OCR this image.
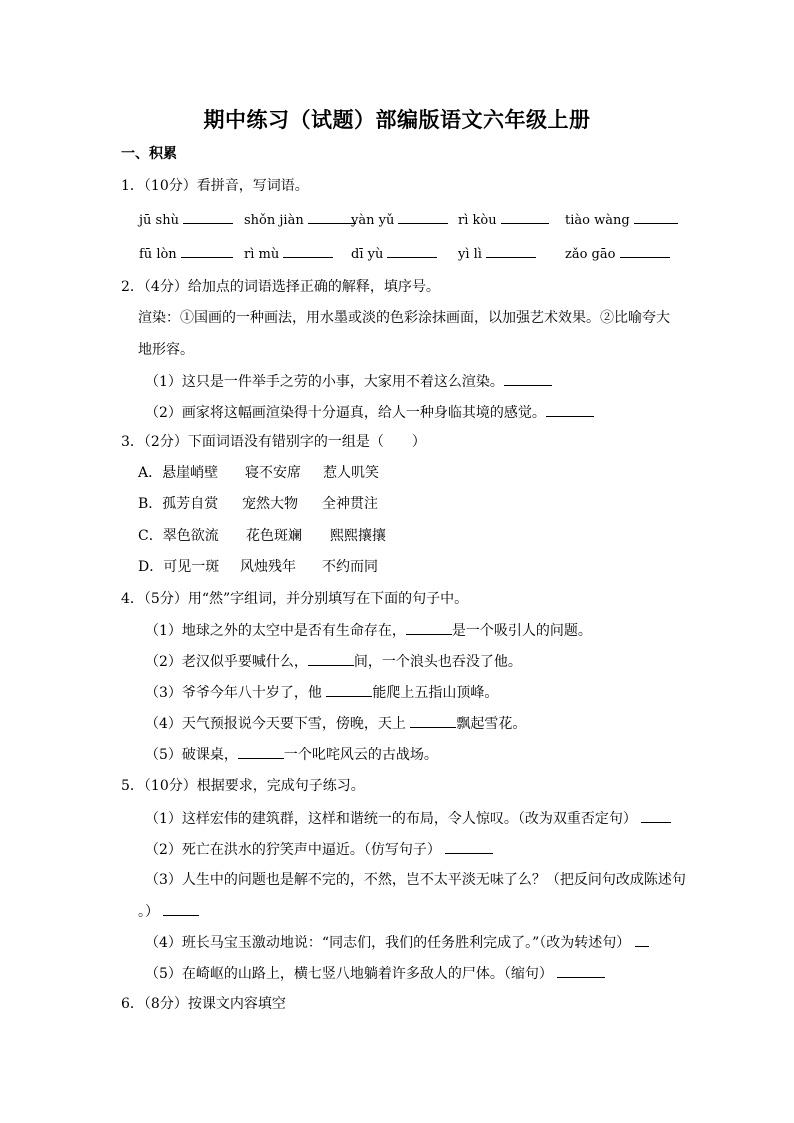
期中练习（试题）部编版语文六年级上册
一、积累
1．（10分）看拼音，写词语。
jū shù	shǒn jiàn	yàn yǔ	rì kòu	tiào wàng
fū lòn	rì mù	dī yù	yì lì	zǎo gāo
2．（4分）给加点的词语选择正确的解释，填序号。
渲染：①国画的一种画法，用水墨或淡的色彩涂抹画面，以加强艺术效果。②比喻夸大
地形容。
（1）这只是一件举手之劳的小事，大家用不着这么渲染。
（2）画家将这幅画渲染得十分逼真，给人一种身临其境的感觉。
3．（2分）下面词语没有错别字的一组是（　　）
A．悬崖峭壁 寝不安席 惹人叽笑
B．孤芳自赏 宠然大物 全神贯注
C．翠色欲流 花色斑斓 熙熙攘攘
D．可见一斑 风烛残年 不约而同
4．（5分）用“然”字组词，并分别填写在下面的句子中。
（1）地球之外的太空中是否有生命存在，	是一个吸引人的问题。
（2）老汉似乎要喊什么，	间，一个浪头也吞没了他。
（3）爷爷今年八十岁了，他	能爬上五指山顶峰。
（4）天气预报说今天要下雪，傍晚，天上	飘起雪花。
（5）破课桌，	一个叱咤风云的古战场。
5．（10分）根据要求，完成句子练习。
（1）这样宏伟的建筑群，这样和谐统一的布局，令人惊叹。（改为双重否定句）
（2）死亡在洪水的狞笑声中逼近。（仿写句子）
（3）人生中的问题也是解不完的，不然，岂不太平淡无味了么？（把反问句改成陈述句
。）
（4）班长马宝玉激动地说：“同志们，我们的任务胜利完成了。”（改为转述句）
（5）在崎岖的山路上，横七竖八地躺着许多敌人的尸体。（缩句）
6．（8分）按课文内容填空
